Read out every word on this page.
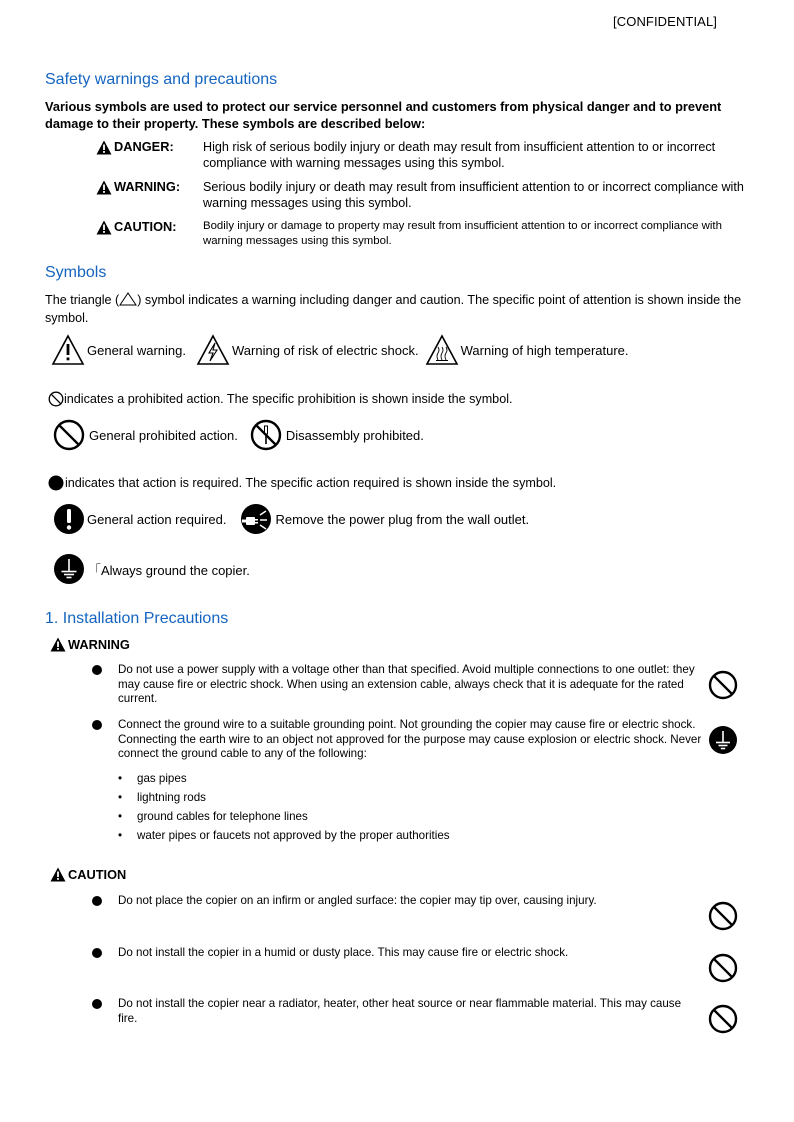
[CONFIDENTIAL]
Safety warnings and precautions
Various symbols are used to protect our service personnel and customers from physical danger and to prevent damage to their property. These symbols are described below:
DANGER: High risk of serious bodily injury or death may result from insufficient attention to or incorrect compliance with warning messages using this symbol.
WARNING: Serious bodily injury or death may result from insufficient attention to or incorrect compliance with warning messages using this symbol.
CAUTION: Bodily injury or damage to property may result from insufficient attention to or incorrect compliance with warning messages using this symbol.
Symbols
The triangle ( ) symbol indicates a warning including danger and caution. The specific point of attention is shown inside the symbol.
General warning.	Warning of risk of electric shock.	Warning of high temperature.
indicates a prohibited action. The specific prohibition is shown inside the symbol.
General prohibited action.	Disassembly prohibited.
indicates that action is required. The specific action required is shown inside the symbol.
General action required.	Remove the power plug from the wall outlet.
「Always ground the copier.
1. Installation Precautions
WARNING
Do not use a power supply with a voltage other than that specified. Avoid multiple connections to one outlet: they may cause fire or electric shock. When using an extension cable, always check that it is adequate for the rated current.
Connect the ground wire to a suitable grounding point. Not grounding the copier may cause fire or electric shock. Connecting the earth wire to an object not approved for the purpose may cause explosion or electric shock. Never connect the ground cable to any of the following:
•	gas pipes
•	lightning rods
•	ground cables for telephone lines
•	water pipes or faucets not approved by the proper authorities
CAUTION
Do not place the copier on an infirm or angled surface: the copier may tip over, causing injury.
Do not install the copier in a humid or dusty place. This may cause fire or electric shock.
Do not install the copier near a radiator, heater, other heat source or near flammable material. This may cause fire.
